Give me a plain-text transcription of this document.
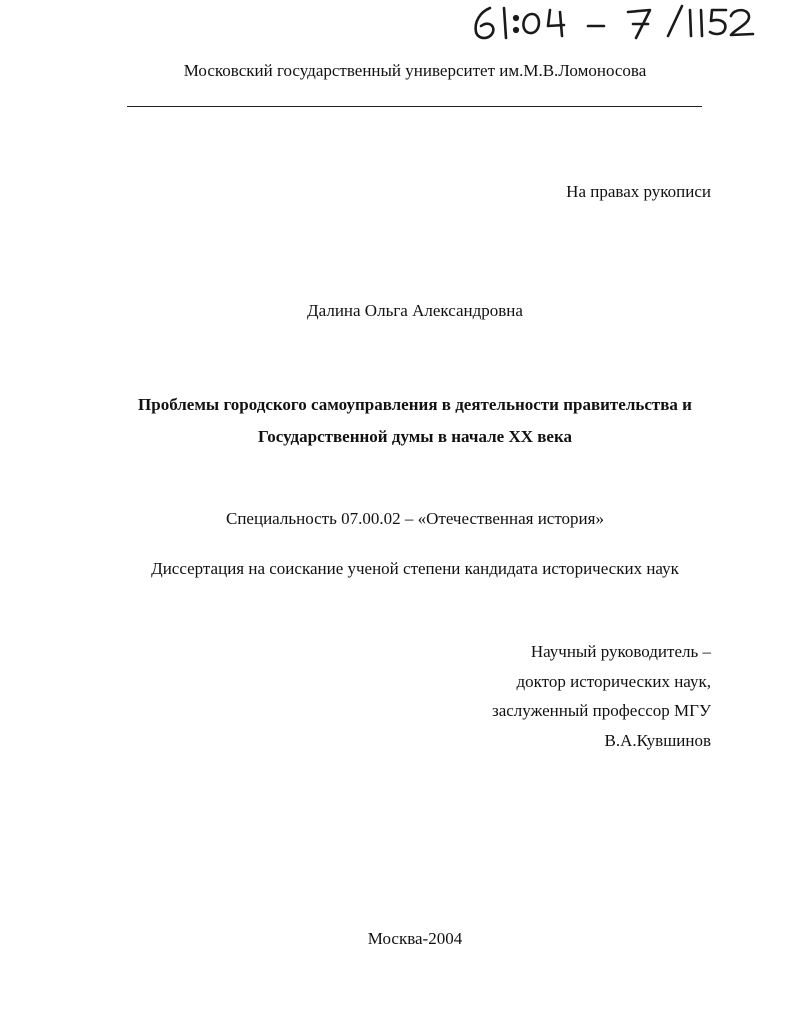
Московский государственный университет им.М.В.Ломоносова
На правах рукописи
Далина Ольга Александровна
Проблемы городского самоуправления в деятельности правительства и
Государственной думы в начале XX века
Специальность 07.00.02 – «Отечественная история»
Диссертация на соискание ученой степени кандидата исторических наук
Научный руководитель –
доктор исторических наук,
заслуженный профессор МГУ
В.А.Кувшинов
Москва-2004
